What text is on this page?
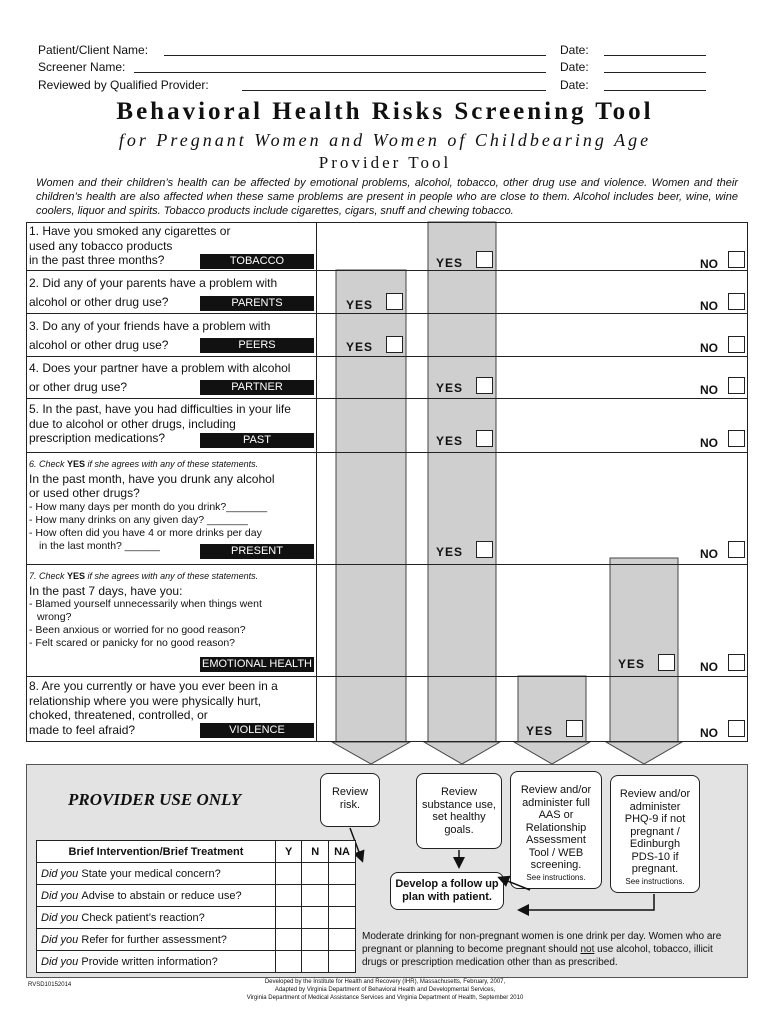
Patient/Client Name:
Screener Name:
Reviewed by Qualified Provider:
Date:
Date:
Date:
Behavioral Health Risks Screening Tool
for Pregnant Women and Women of Childbearing Age
Provider Tool
Women and their children’s health can be affected by emotional problems, alcohol, tobacco, other drug use and violence. Women and their children’s health are also affected when these same problems are present in people who are close to them. Alcohol includes beer, wine, wine coolers, liquor and spirits. Tobacco products include cigarettes, cigars, snuff and chewing tobacco.
1. Have you smoked any cigarettes or
used any tobacco products
in the past three months?	TOBACCO	YES	NO
2. Did any of your parents have a problem with
alcohol or other drug use?	PARENTS	YES	NO
3. Do any of your friends have a problem with
alcohol or other drug use?	PEERS	YES	NO
4. Does your partner have a problem with alcohol
or other drug use?	PARTNER	YES	NO
5. In the past, have you had difficulties in your life
due to alcohol or other drugs, including
prescription medications?	PAST	YES	NO
6. Check YES if she agrees with any of these statements.
In the past month, have you drunk any alcohol
or used other drugs?
- How many days per month do you drink?_______
- How many drinks on any given day? _______
- How often did you have 4 or more drinks per day
in the last month? ______	PRESENT	YES	NO
7. Check YES if she agrees with any of these statements.
In the past 7 days, have you:
- Blamed yourself unnecessarily when things went
wrong?
- Been anxious or worried for no good reason?
- Felt scared or panicky for no good reason?
EMOTIONAL HEALTH	YES	NO
8. Are you currently or have you ever been in a
relationship where you were physically hurt,
choked, threatened, controlled, or
made to feel afraid?	VIOLENCE	YES	NO
PROVIDER USE ONLY	Review
risk.
Review
substance use,
set healthy
goals.
Review and/or
administer full
AAS or
Relationship
Assessment
Tool / WEB
screening.
See instructions.
Review and/or
administer
PHQ-9 if not
pregnant /
Edinburgh
PDS-10 if
pregnant.
See instructions.
Develop a follow up
plan with patient.
Brief Intervention/Brief Treatment	Y	N	NA
Did you State your medical concern?			
Did you Advise to abstain or reduce use?			
Did you Check patient’s reaction?			
Did you Refer for further assessment?			
Did you Provide written information?			
Moderate drinking for non-pregnant women is one drink per day. Women who are pregnant or planning to become pregnant should not use alcohol, tobacco, illicit drugs or prescription medication other than as prescribed.
RVSD10152014	Developed by the Institute for Health and Recovery (IHR), Massachusetts, February, 2007,
Adapted by Virginia Department of Behavioral Health and Developmental Services,
Virginia Department of Medical Assistance Services and Virginia Department of Health, September 2010
